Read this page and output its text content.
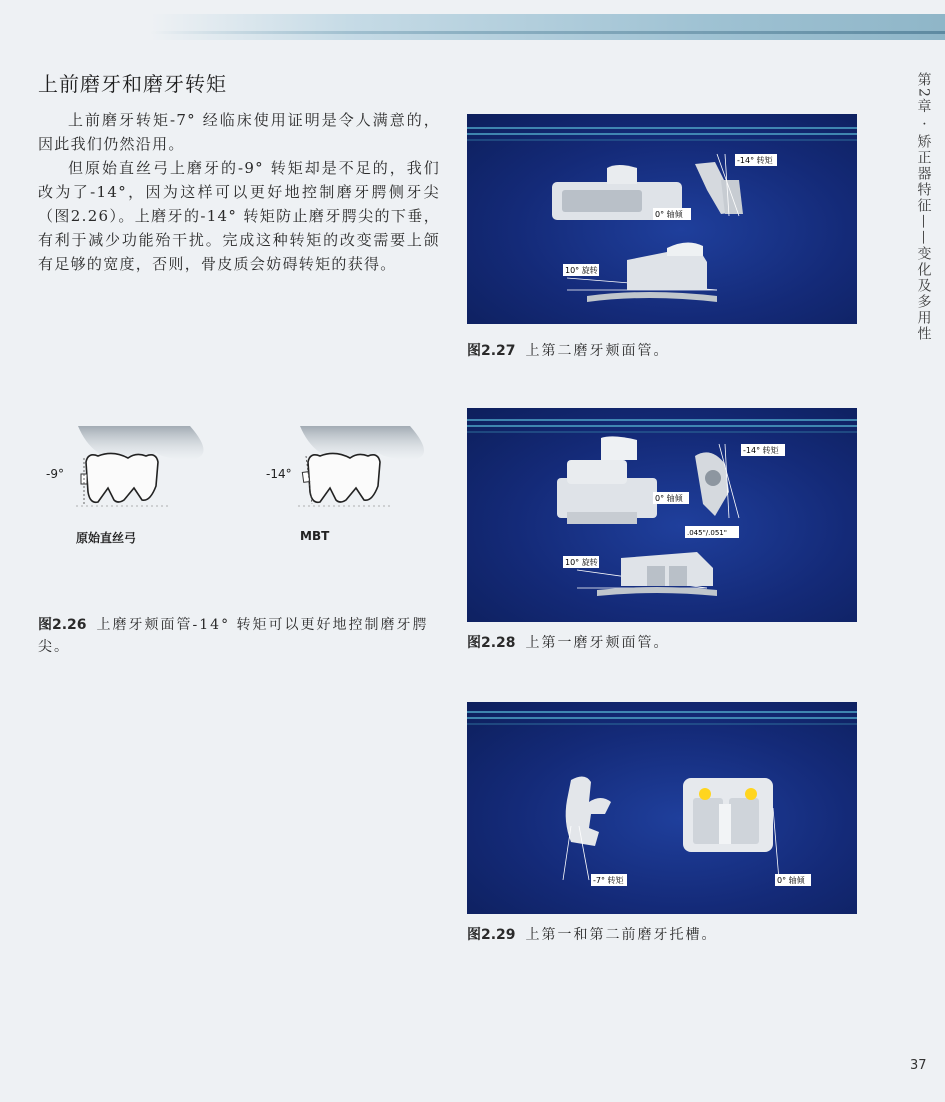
上前磨牙和磨牙转矩

上前磨牙转矩-7° 经临床使用证明是令人满意的，因此我们仍然沿用。

但原始直丝弓上磨牙的-9° 转矩却是不足的，我们改为了-14°，因为这样可以更好地控制磨牙腭侧牙尖（图2.26）。上磨牙的-14° 转矩防止磨牙腭尖的下垂，有利于减少功能殆干扰。完成这种转矩的改变需要上颌有足够的宽度，否则，骨皮质会妨碍转矩的获得。	第2章 · 矫正器特征——变化及多用性
-9°	-14°
原始直丝弓	MBT

图2.26 上磨牙颊面管-14° 转矩可以更好地控制磨牙腭尖。

-14° 转矩
0° 轴倾
10° 旋转

图2.27 上第二磨牙颊面管。

-14° 转矩
0° 轴倾
.045"/.051"
10° 旋转

图2.28 上第一磨牙颊面管。

-7° 转矩	0° 轴倾

图2.29 上第一和第二前磨牙托槽。

37
